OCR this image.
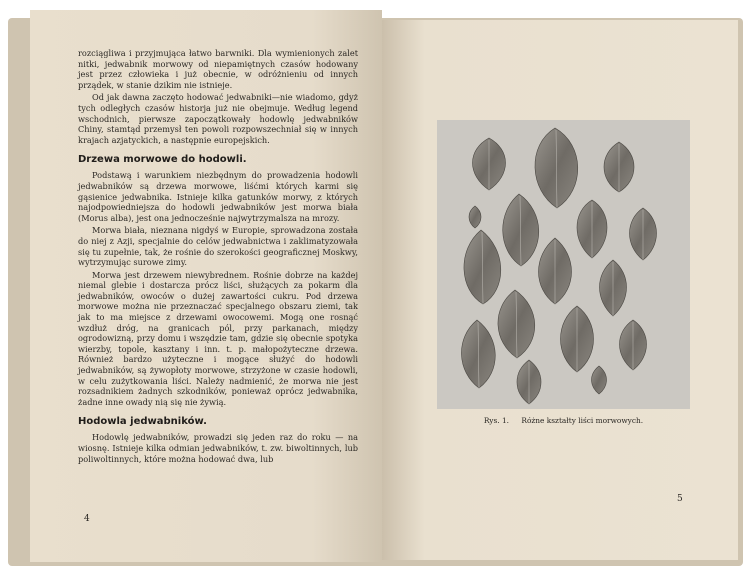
rozciągliwa i przyjmująca łatwo barwniki. Dla wymienionych zalet nitki, jedwabnik morwowy od niepamiętnych czasów hodowany jest przez człowieka i już obecnie, w odróżnieniu od innych prządek, w stanie dzikim nie istnieje.

Od jak dawna zaczęto hodować jedwabniki—nie wiadomo, gdyż tych odległych czasów historja już nie obejmuje. Według legend wschodnich, pierwsze zapoczątkowały hodowlę jedwabników Chiny, stamtąd przemysł ten powoli rozpowszechniał się w innych krajach azjatyckich, a następnie europejskich.

Drzewa morwowe do hodowli.

Podstawą i warunkiem niezbędnym do prowadzenia hodowli jedwabników są drzewa morwowe, liśćmi których karmi się gąsienice jedwabnika. Istnieje kilka gatunków morwy, z których najodpowiedniejsza do hodowli jedwabników jest morwa biała (Morus alba), jest ona jednocześnie najwytrzymalsza na mrozy.

Morwa biała, nieznana nigdyś w Europie, sprowadzona została do niej z Azji, specjalnie do celów jedwabnictwa i zaklimatyzowała się tu zupełnie, tak, że rośnie do szerokości geograficznej Moskwy, wytrzymując surowe zimy.

Morwa jest drzewem niewybrednem. Rośnie dobrze na każdej niemal glebie i dostarcza prócz liści, służących za pokarm dla jedwabników, owoców o dużej zawartości cukru. Pod drzewa morwowe można nie przeznaczać specjalnego obszaru ziemi, tak jak to ma miejsce z drzewami owocowemi. Mogą one rosnąć wzdłuż dróg, na granicach pól, przy parkanach, między ogrodowizną, przy domu i wszędzie tam, gdzie się obecnie spotyka wierzby, topole, kasztany i inn. t. p. małopożyteczne drzewa. Również bardzo użyteczne i mogące służyć do hodowli jedwabników, są żywopłoty morwowe, strzyżone w czasie hodowli, w celu zużytkowania liści. Należy nadmienić, że morwa nie jest rozsadnikiem żadnych szkodników, ponieważ oprócz jedwabnika, żadne inne owady nią się nie żywią.

Hodowla jedwabników.

Hodowlę jedwabników, prowadzi się jeden raz do roku — na wiosnę. Istnieje kilka odmian jedwabników, t. zw. biwoltinnych, lub poliwoltinnych, które można hodować dwa, lub

4
Rys. 1. Różne kształty liści morwowych.
5
